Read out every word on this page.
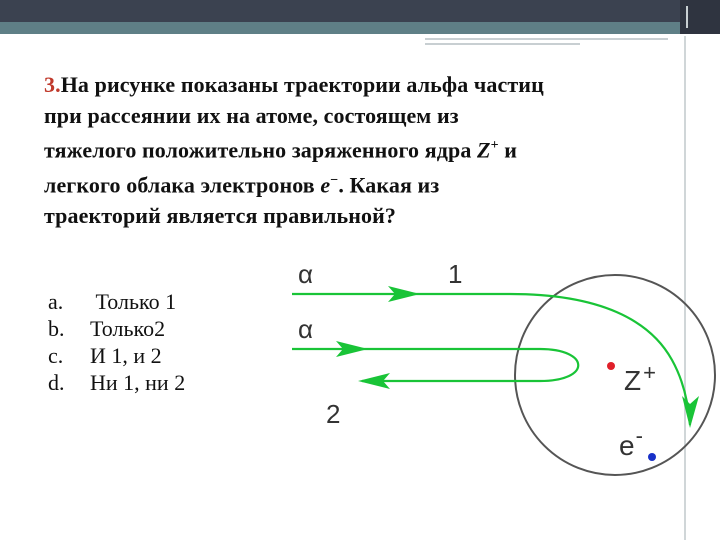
3.На рисунке показаны траектории альфа частиц
при рассеянии их на атоме, состоящем из
тяжелого положительно заряженного ядра Z+ и
легкого облака электронов e−. Какая из
траекторий является правильной?
a.	Только 1
b.	Только2
c.	И 1, и 2
d.	Ни 1, ни 2
α
α
1
2
Z+
e-
